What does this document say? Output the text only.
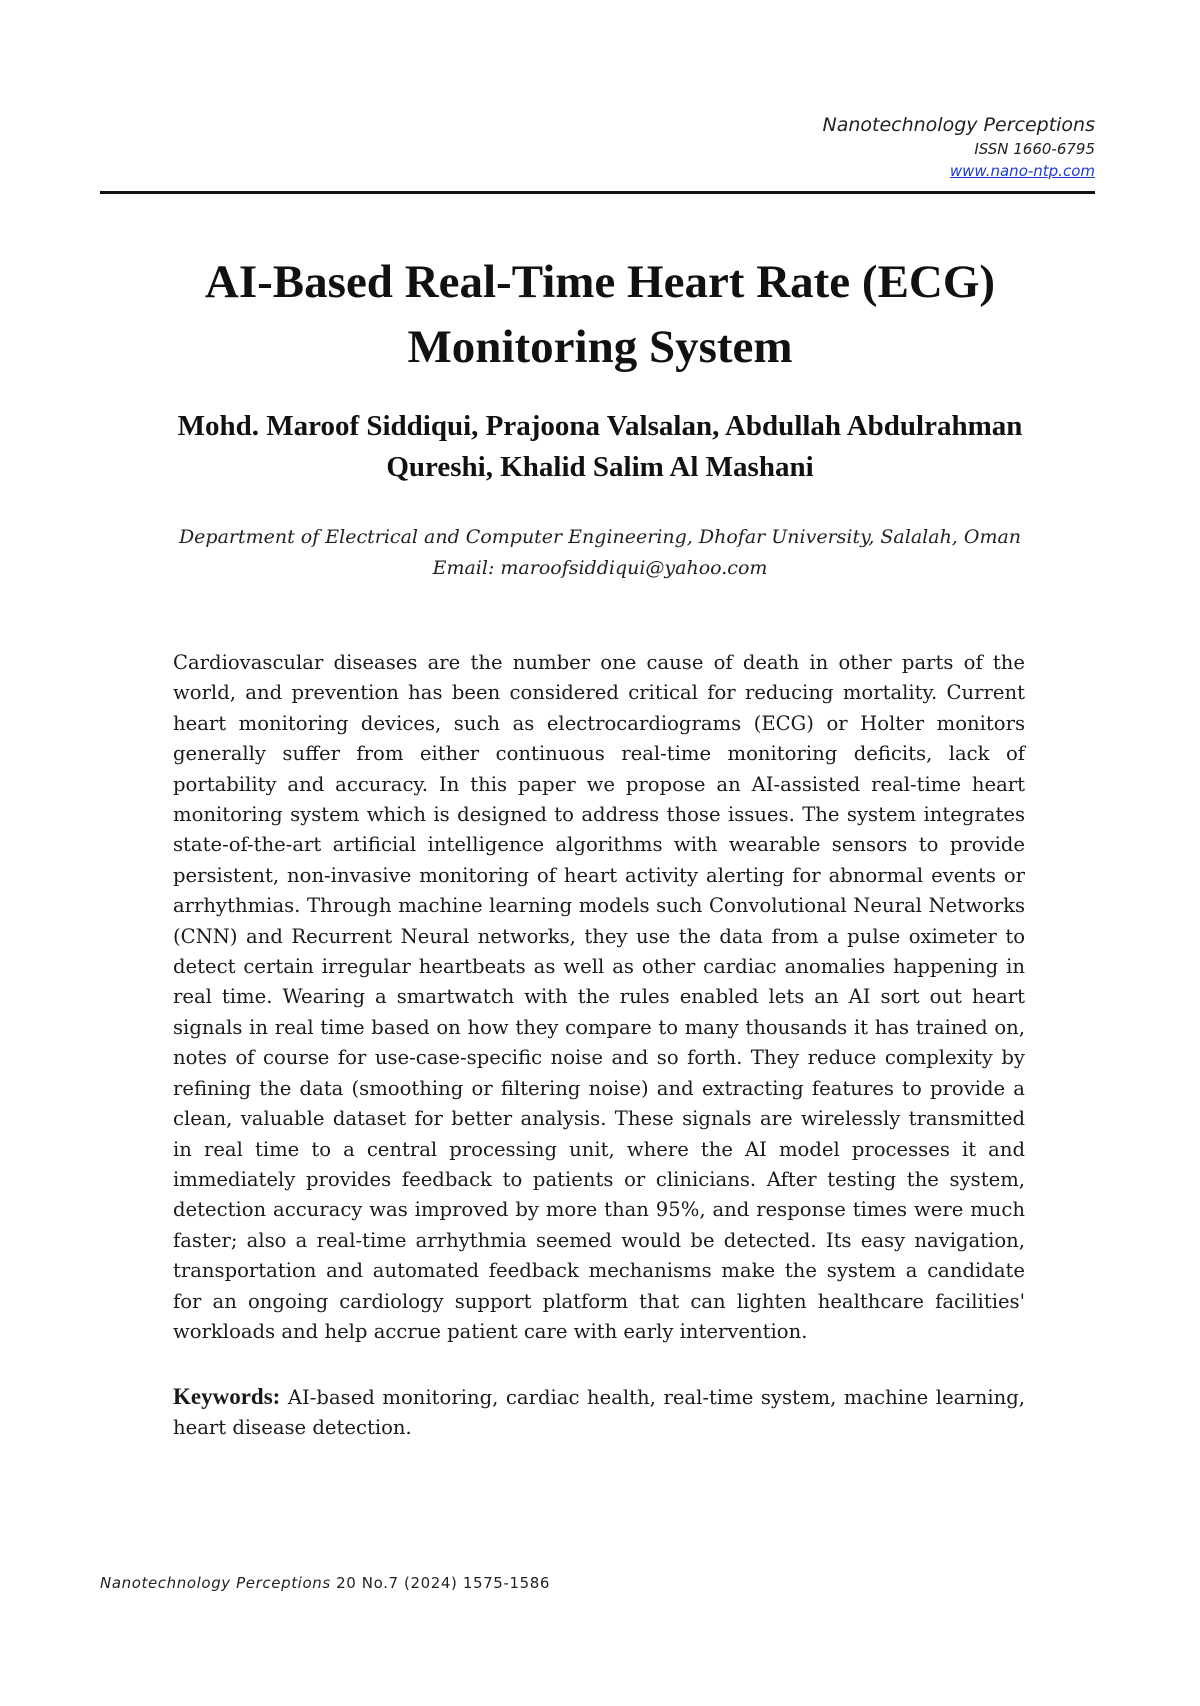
Nanotechnology Perceptions
ISSN 1660-6795
www.nano-ntp.com
AI-Based Real-Time Heart Rate (ECG)
Monitoring System
Mohd. Maroof Siddiqui, Prajoona Valsalan, Abdullah Abdulrahman
Qureshi, Khalid Salim Al Mashani
Department of Electrical and Computer Engineering, Dhofar University, Salalah, Oman
Email: maroofsiddiqui@yahoo.com

Cardiovascular diseases are the number one cause of death in other parts of the world, and prevention has been considered critical for reducing mortality. Current heart monitoring devices, such as electrocardiograms (ECG) or Holter monitors generally suffer from either continuous real-time monitoring deficits, lack of portability and accuracy. In this paper we propose an AI-assisted real-time heart monitoring system which is designed to address those issues. The system integrates state-of-the-art artificial intelligence algorithms with wearable sensors to provide persistent, non-invasive monitoring of heart activity alerting for abnormal events or arrhythmias. Through machine learning models such Convolutional Neural Networks (CNN) and Recurrent Neural networks, they use the data from a pulse oximeter to detect certain irregular heartbeats as well as other cardiac anomalies happening in real time. Wearing a smartwatch with the rules enabled lets an AI sort out heart signals in real time based on how they compare to many thousands it has trained on, notes of course for use-case-specific noise and so forth. They reduce complexity by refining the data (smoothing or filtering noise) and extracting features to provide a clean, valuable dataset for better analysis. These signals are wirelessly transmitted in real time to a central processing unit, where the AI model processes it and immediately provides feedback to patients or clinicians. After testing the system, detection accuracy was improved by more than 95%, and response times were much faster; also a real-time arrhythmia seemed would be detected. Its easy navigation, transportation and automated feedback mechanisms make the system a candidate for an ongoing cardiology support platform that can lighten healthcare facilities' workloads and help accrue patient care with early intervention.

Keywords: AI-based monitoring, cardiac health, real-time system, machine learning, heart disease detection.

Nanotechnology Perceptions 20 No.7 (2024) 1575-1586
